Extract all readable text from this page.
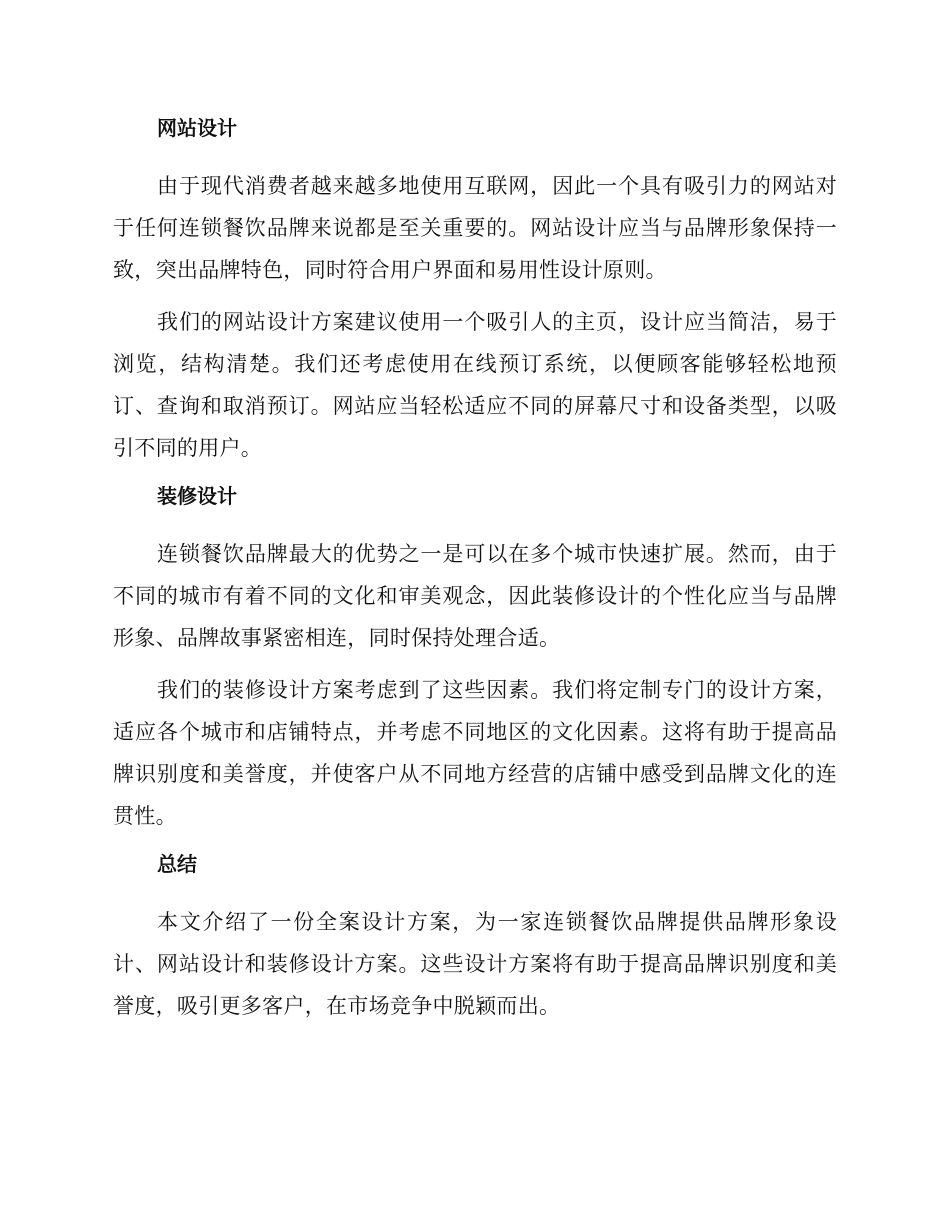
网站设计

由于现代消费者越来越多地使用互联网，因此一个具有吸引力的网站对于任何连锁餐饮品牌来说都是至关重要的。网站设计应当与品牌形象保持一致，突出品牌特色，同时符合用户界面和易用性设计原则。

我们的网站设计方案建议使用一个吸引人的主页，设计应当简洁，易于浏览，结构清楚。我们还考虑使用在线预订系统，以便顾客能够轻松地预订、查询和取消预订。网站应当轻松适应不同的屏幕尺寸和设备类型，以吸引不同的用户。

装修设计

连锁餐饮品牌最大的优势之一是可以在多个城市快速扩展。然而，由于不同的城市有着不同的文化和审美观念，因此装修设计的个性化应当与品牌形象、品牌故事紧密相连，同时保持处理合适。

我们的装修设计方案考虑到了这些因素。我们将定制专门的设计方案，适应各个城市和店铺特点，并考虑不同地区的文化因素。这将有助于提高品牌识别度和美誉度，并使客户从不同地方经营的店铺中感受到品牌文化的连贯性。

总结

本文介绍了一份全案设计方案，为一家连锁餐饮品牌提供品牌形象设计、网站设计和装修设计方案。这些设计方案将有助于提高品牌识别度和美誉度，吸引更多客户，在市场竞争中脱颖而出。
